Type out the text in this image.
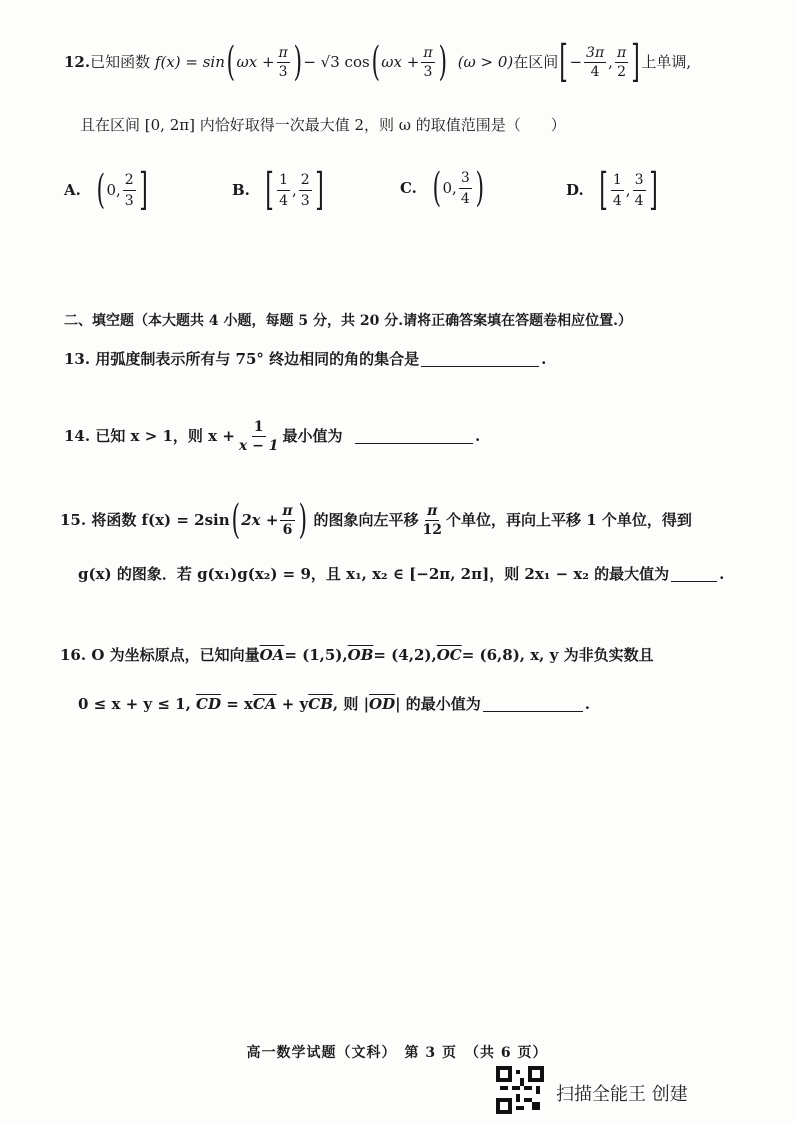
12. 已知函数
f(x) = sin ( $\omega x + \frac{\pi}{3}$ ) − √3 cos ( $\omega x + \frac{\pi}{3}$ )
(ω > 0) 在区间 [ − $\frac{3\pi}{4}$ , $\frac{\pi}{2}$ ] 上单调,
且在区间 [0, 2π] 内恰好取得一次最大值 2，则 ω 的取值范围是（　　）
A. ( 0, $\frac{2}{3}$ ]	B. [ $\frac{1}{4}$ , $\frac{2}{3}$ ]	C. ( 0, $\frac{3}{4}$ )	D. [ $\frac{1}{4}$ , $\frac{3}{4}$ ]
二、填空题（本大题共 4 小题，每题 5 分，共 20 分.请将正确答案填在答题卷相应位置.）
13. 用弧度制表示所有与 75° 终边相同的角的集合是	.
14. 已知 x > 1，则 $x + \frac{1}{x - 1}$ 最小值为
	.
15. 将函数 f(x) = 2sin ( $2x + \frac{\pi}{6}$ )
的图象向左平移 $\frac{\pi}{12}$ 个单位，再向上平移 1 个单位，得到
g(x) 的图象．若 g(x₁)g(x₂) = 9，且 x₁, x₂ ∈ [−2π, 2π]，则 2x₁ − x₂ 的最大值为	.
16. O 为坐标原点，已知向量 $\overline{OA} = (1,5)$, $\overline{OB} = (4,2)$, $\overline{OC} = (6,8)$, x, y 为非负实数且
0 ≤ x + y ≤ 1,
$\overline{CD}$
= x $\overline{CA}$
+ y $\overline{CB}$ , 则 | $\overline{OD}$ | 的最小值为	.
高一数学试题（文科）　第 3 页　（共 6 页）
扫描全能王 创建
